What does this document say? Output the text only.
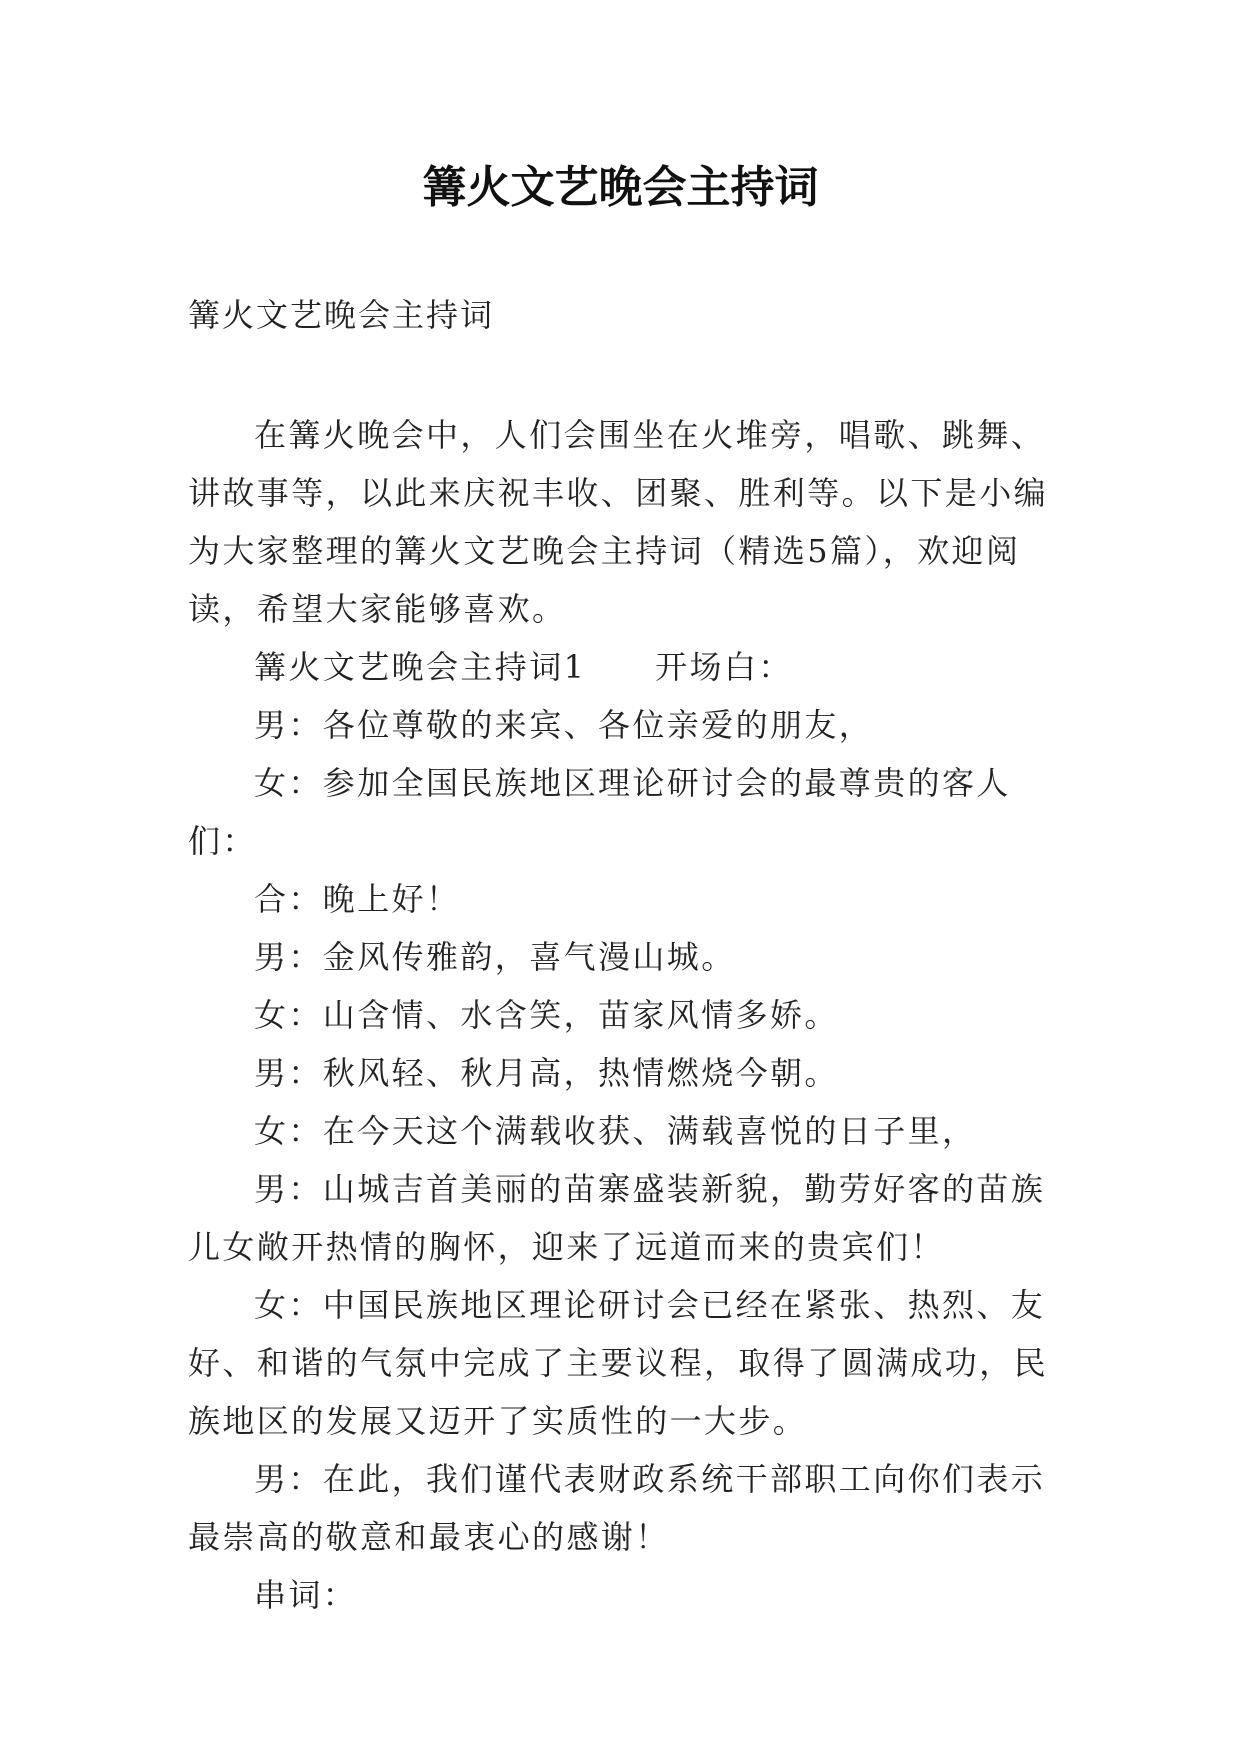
篝火文艺晚会主持词

篝火文艺晚会主持词

在篝火晚会中，人们会围坐在火堆旁，唱歌、跳舞、讲故事等，以此来庆祝丰收、团聚、胜利等。以下是小编为大家整理的篝火文艺晚会主持词（精选5篇），欢迎阅读，希望大家能够喜欢。

篝火文艺晚会主持词1　　开场白：

男：各位尊敬的来宾、各位亲爱的朋友，

女：参加全国民族地区理论研讨会的最尊贵的客人们：

合：晚上好！

男：金风传雅韵，喜气漫山城。

女：山含情、水含笑，苗家风情多娇。

男：秋风轻、秋月高，热情燃烧今朝。

女：在今天这个满载收获、满载喜悦的日子里，

男：山城吉首美丽的苗寨盛装新貌，勤劳好客的苗族儿女敞开热情的胸怀，迎来了远道而来的贵宾们！

女：中国民族地区理论研讨会已经在紧张、热烈、友好、和谐的气氛中完成了主要议程，取得了圆满成功，民族地区的发展又迈开了实质性的一大步。

男：在此，我们谨代表财政系统干部职工向你们表示最崇高的敬意和最衷心的感谢！

串词：
